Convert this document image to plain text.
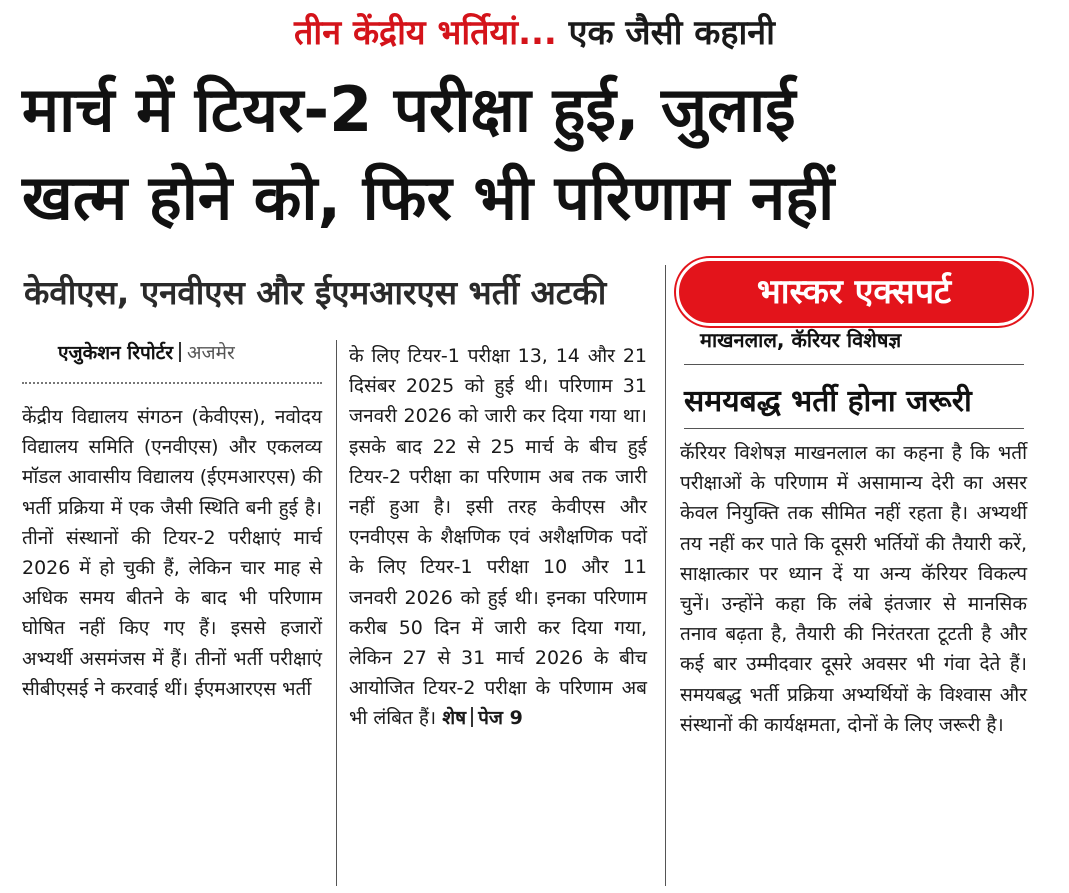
तीन केंद्रीय भर्तियां... एक जैसी कहानी
मार्च में टियर-2 परीक्षा हुई, जुलाई
खत्म होने को, फिर भी परिणाम नहीं
केवीएस, एनवीएस और ईएमआरएस भर्ती अटकी	भास्कर एक्सपर्ट
माखनलाल, कॅरियर विशेषज्ञ
एजुकेशन रिपोर्टर अजमेर
केंद्रीय विद्यालय संगठन (केवीएस), नवोदय विद्यालय समिति (एनवीएस) और एकलव्य मॉडल आवासीय विद्यालय (ईएमआरएस) की भर्ती प्रक्रिया में एक जैसी स्थिति बनी हुई है। तीनों संस्थानों की टियर-2 परीक्षाएं मार्च 2026 में हो चुकी हैं, लेकिन चार माह से अधिक समय बीतने के बाद भी परिणाम घोषित नहीं किए गए हैं। इससे हजारों अभ्यर्थी असमंजस में हैं। तीनों भर्ती परीक्षाएं सीबीएसई ने करवाई थीं। ईएमआरएस भर्ती
के लिए टियर-1 परीक्षा 13, 14 और 21 दिसंबर 2025 को हुई थी। परिणाम 31 जनवरी 2026 को जारी कर दिया गया था। इसके बाद 22 से 25 मार्च के बीच हुई टियर-2 परीक्षा का परिणाम अब तक जारी नहीं हुआ है। इसी तरह केवीएस और एनवीएस के शैक्षणिक एवं अशैक्षणिक पदों के लिए टियर-1 परीक्षा 10 और 11 जनवरी 2026 को हुई थी। इनका परिणाम करीब 50 दिन में जारी कर दिया गया, लेकिन 27 से 31 मार्च 2026 के बीच आयोजित टियर-2 परीक्षा के परिणाम अब भी लंबित हैं। शेष पेज 9
समयबद्ध भर्ती होना जरूरी
कॅरियर विशेषज्ञ माखनलाल का कहना है कि भर्ती परीक्षाओं के परिणाम में असामान्य देरी का असर केवल नियुक्ति तक सीमित नहीं रहता है। अभ्यर्थी तय नहीं कर पाते कि दूसरी भर्तियों की तैयारी करें, साक्षात्कार पर ध्यान दें या अन्य कॅरियर विकल्प चुनें। उन्होंने कहा कि लंबे इंतजार से मानसिक तनाव बढ़ता है, तैयारी की निरंतरता टूटती है और कई बार उम्मीदवार दूसरे अवसर भी गंवा देते हैं। समयबद्ध भर्ती प्रक्रिया अभ्यर्थियों के विश्वास और संस्थानों की कार्यक्षमता, दोनों के लिए जरूरी है।
